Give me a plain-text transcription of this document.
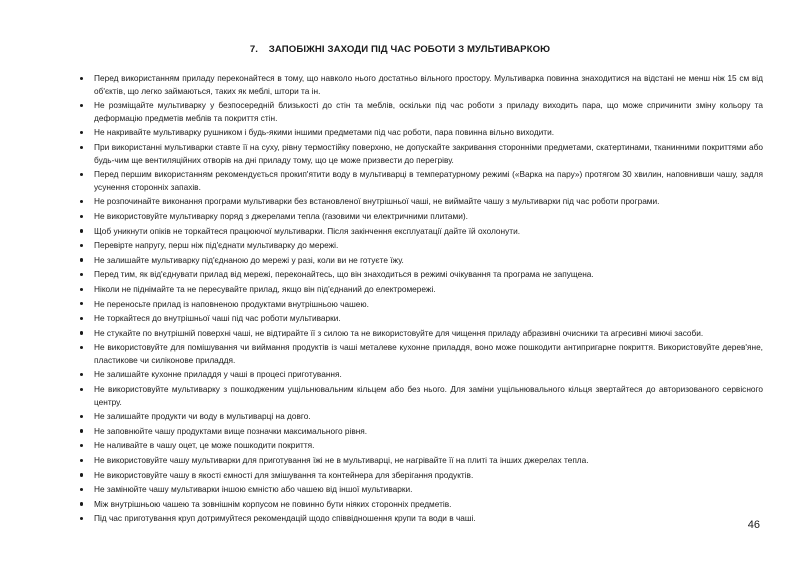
7. ЗАПОБІЖНІ ЗАХОДИ ПІД ЧАС РОБОТИ З МУЛЬТИВАРКОЮ
Перед використанням приладу переконайтеся в тому, що навколо нього достатньо вільного простору. Мультиварка повинна знаходитися на відстані не менш ніж 15 см від об'єктів, що легко займаються, таких як меблі, штори та ін.
Не розміщайте мультиварку у безпосередній близькості до стін та меблів, оскільки під час роботи з приладу виходить пара, що може спричинити зміну кольору та деформацію предметів меблів та покриття стін.
Не накривайте мультиварку рушником і будь-якими іншими предметами під час роботи, пара повинна вільно виходити.
При використанні мультиварки ставте її на суху, рівну термостійку поверхню, не допускайте закривання сторонніми предметами, скатертинами, тканинними покриттями або будь-чим ще вентиляційних отворів на дні приладу тому, що це може призвести до перегріву.
Перед першим використанням рекомендується прокип'ятити воду в мультиварці в температурному режимі («Варка на пару») протягом 30 хвилин, наповнивши чашу, задля усунення сторонніх запахів.
Не розпочинайте виконання програми мультиварки без встановленої внутрішньої чаші, не виймайте чашу з мультиварки під час роботи програми.
Не використовуйте мультиварку поряд з джерелами тепла (газовими чи електричними плитами).
Щоб уникнути опіків не торкайтеся працюючої мультиварки. Після закінчення експлуатації дайте їй охолонути.
Перевірте напругу, перш ніж під'єднати мультиварку до мережі.
Не залишайте мультиварку під'єднаною до мережі у разі, коли ви не готуєте їжу.
Перед тим, як від'єднувати прилад від мережі, переконайтесь, що він знаходиться в режимі очікування та програма не запущена.
Ніколи не піднімайте та не пересувайте прилад, якщо він під'єднаний до електромережі.
Не переносьте прилад із наповненою продуктами внутрішньою чашею.
Не торкайтеся до внутрішньої чаші під час роботи мультиварки.
Не стукайте по внутрішній поверхні чаші, не відтирайте її з силою та не використовуйте для чищення приладу абразивні очисники та агресивні миючі засоби.
Не використовуйте для помішування чи виймання продуктів із чаші металеве кухонне приладдя, воно може пошкодити антипригарне покриття. Використовуйте дерев'яне, пластикове чи силіконове приладдя.
Не залишайте кухонне приладдя у чаші в процесі приготування.
Не використовуйте мультиварку з пошкодженим ущільнювальним кільцем або без нього. Для заміни ущільнювального кільця звертайтеся до авторизованого сервісного центру.
Не залишайте продукти чи воду в мультиварці на довго.
Не заповнюйте чашу продуктами вище позначки максимального рівня.
Не наливайте в чашу оцет, це може пошкодити покриття.
Не використовуйте чашу мультиварки для приготування їжі не в мультиварці, не нагрівайте її на плиті та інших джерелах тепла.
Не використовуйте чашу в якості ємності для змішування та контейнера для зберігання продуктів.
Не замінюйте чашу мультиварки іншою ємністю або чашею від іншої мультиварки.
Між внутрішньою чашею та зовнішнім корпусом не повинно бути ніяких сторонніх предметів.
Під час приготування круп дотримуйтеся рекомендацій щодо співвідношення крупи та води в чаші.
46
